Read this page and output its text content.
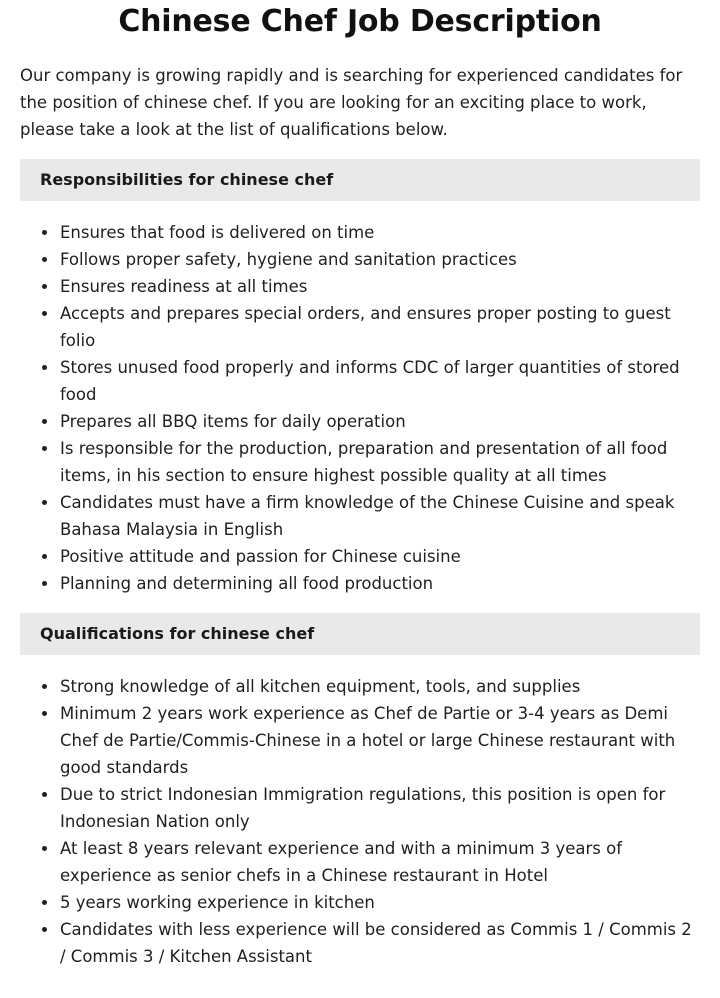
Chinese Chef Job Description

Our company is growing rapidly and is searching for experienced candidates for the position of chinese chef. If you are looking for an exciting place to work, please take a look at the list of qualifications below.

Responsibilities for chinese chef
Ensures that food is delivered on time
Follows proper safety, hygiene and sanitation practices
Ensures readiness at all times
Accepts and prepares special orders, and ensures proper posting to guest folio
Stores unused food properly and informs CDC of larger quantities of stored food
Prepares all BBQ items for daily operation
Is responsible for the production, preparation and presentation of all food items, in his section to ensure highest possible quality at all times
Candidates must have a firm knowledge of the Chinese Cuisine and speak Bahasa Malaysia in English
Positive attitude and passion for Chinese cuisine
Planning and determining all food production
Qualifications for chinese chef
Strong knowledge of all kitchen equipment, tools, and supplies
Minimum 2 years work experience as Chef de Partie or 3-4 years as Demi Chef de Partie/Commis-Chinese in a hotel or large Chinese restaurant with good standards
Due to strict Indonesian Immigration regulations, this position is open for Indonesian Nation only
At least 8 years relevant experience and with a minimum 3 years of experience as senior chefs in a Chinese restaurant in Hotel
5 years working experience in kitchen
Candidates with less experience will be considered as Commis 1 / Commis 2 / Commis 3 / Kitchen Assistant
